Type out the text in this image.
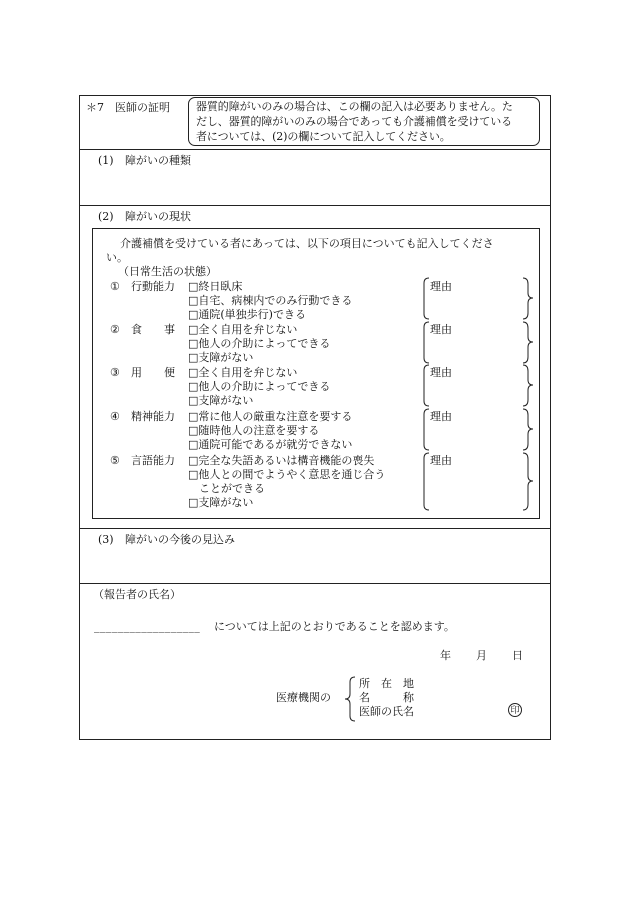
＊7　医師の証明 器質的障がいのみの場合は、この欄の記入は必要ありません。た
だし、器質的障がいのみの場合であっても介護補償を受けている
者については、(2)の欄について記入してください。
(1) 障がいの種類
(2) 障がいの現状
介護補償を受けている者にあっては、以下の項目についても記入してくださ
い。
（日常生活の状態）
① 行動能力 □終日臥床
□自宅、病棟内でのみ行動できる
□通院(単独歩行)できる
理由
② 食　　事 □全く自用を弁じない
□他人の介助によってできる
□支障がない
理由
③ 用　　便 □全く自用を弁じない
□他人の介助によってできる
□支障がない
理由
④ 精神能力 □常に他人の厳重な注意を要する
□随時他人の注意を要する
□通院可能であるが就労できない
理由
⑤ 言語能力 □完全な失語あるいは構音機能の喪失
□他人との間でようやく意思を通じ合う
　ことができる
□支障がない
理由
(3) 障がいの今後の見込み
（報告者の氏名）
__________________ については上記のとおりであることを認めます。
年 月 日
医療機関の
所　在　地
名　　　称
医師の氏名	印
